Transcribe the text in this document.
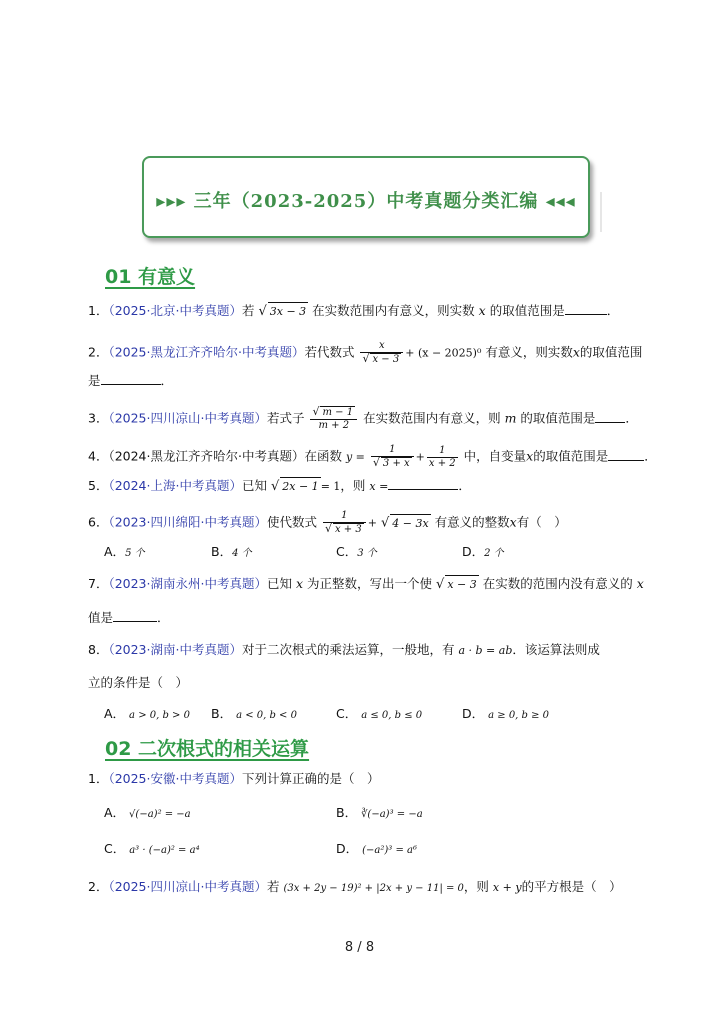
▸▸▸ 三年（2023-2025）中考真题分类汇编 ◂◂◂
01 有意义
1．（2025·北京·中考真题）若 √ 3x − 3 在实数范围内有意义，则实数 x 的取值范围是	．
2．（2025·黑龙江齐齐哈尔·中考真题）若代数式 $\frac{x}{√ x - 3} + (x - 2025)^0$ 有意义，则实数x的取值范围
是	．
3．（2025·四川凉山·中考真题）若式子 $\frac{√ m - 1}{m + 2}$ 在实数范围内有意义，则 m 的取值范围是 ．
4．（2024·黑龙江齐齐哈尔·中考真题）在函数 $y = \frac{1}{√ 3 + x} + \frac{1}{x + 2}$ 中，自变量x的取值范围是	．
5．（2024·上海·中考真题）已知 √ 2x − 1 = 1，则 x =	．
6．（2023·四川绵阳·中考真题）使代数式 $\frac{1}{√ x + 3}$ + √ 4 − 3x 有意义的整数x有（　）
A．5 个	B．4 个	C．3 个	D．2 个
7．（2023·湖南永州·中考真题）已知 x 为正整数，写出一个使 √ x − 3 在实数的范围内没有意义的 x
值是	．
8．（2023·湖南·中考真题）对于二次根式的乘法运算，一般地，有 a · b = ab．该运算法则成
立的条件是（　）
A． a > 0, b > 0 B． a < 0, b < 0	C． a ≤ 0, b ≤ 0	D． a ≥ 0, b ≥ 0
02 二次根式的相关运算
1．（2025·安徽·中考真题）下列计算正确的是（　）
A． √(−a)² = −a	B． ∛(−a)³ = −a
C． a³ · (−a)² = a⁴	D． (−a²)³ = a⁶
2．（2025·四川凉山·中考真题）若 (3x + 2y − 19)² + |2x + y − 11| = 0，则 x + y的平方根是（　）
8 / 8
